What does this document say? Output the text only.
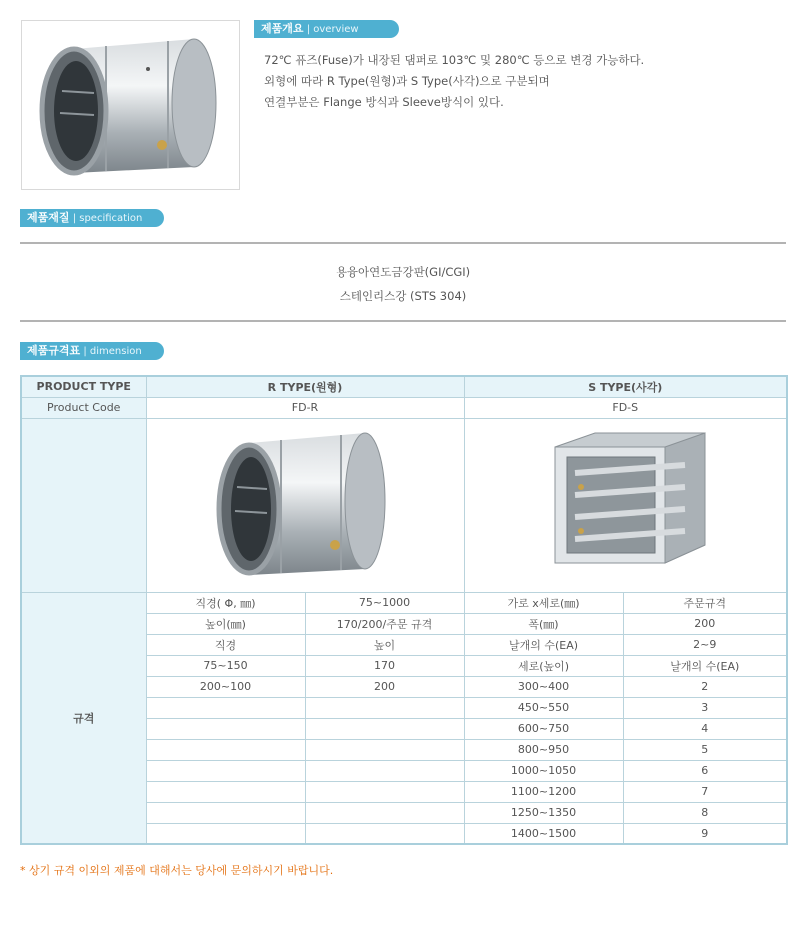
제품개요 | overview

72℃ 퓨즈(Fuse)가 내장된 댐퍼로 103℃ 및 280℃ 등으로 변경 가능하다.

외형에 따라 R Type(원형)과 S Type(사각)으로 구분되며

연결부분은 Flange 방식과 Sleeve방식이 있다.

제품재질 | specification

용융아연도금강판(GI/CGI)

스테인리스강 (STS 304)

제품규격표 | dimension
PRODUCT TYPE	R TYPE(원형)		S TYPE(사각)	
Product Code	FD-R		FD-S	

규격	직경( Φ, ㎜)	75~1000	가로 x세로(㎜)	주문규격
	높이(㎜)	170/200/주문 규격	폭(㎜)	200
	직경	높이	날개의 수(EA)	2~9
	75~150	170	세로(높이)	날개의 수(EA)
	200~100	200	300~400	2
			450~550	3
			600~750	4
			800~950	5
			1000~1050	6
			1100~1200	7
			1250~1350	8
			1400~1500	9
* 상기 규격 이외의 제품에 대해서는 당사에 문의하시기 바랍니다.
